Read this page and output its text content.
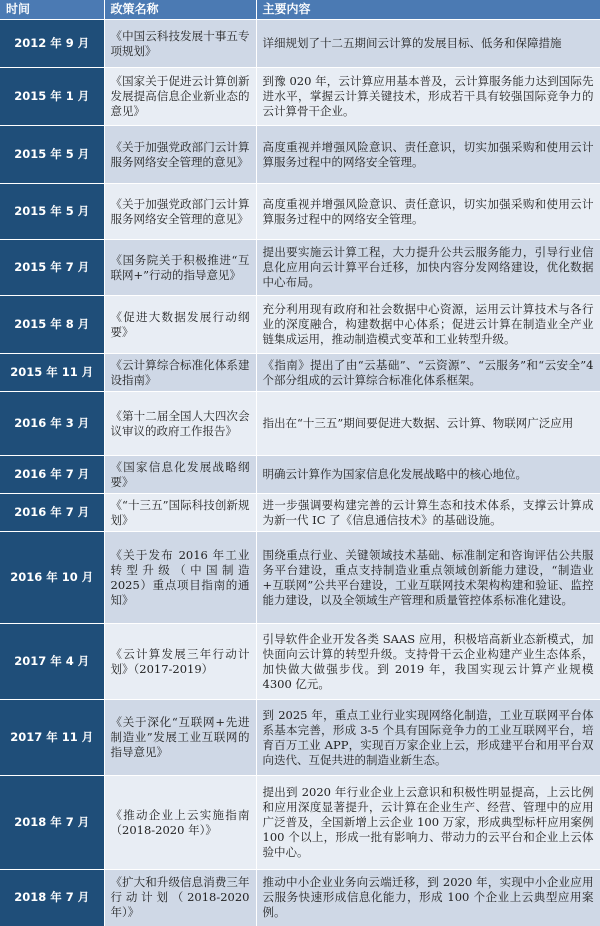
时间	政策名称	主要内容
2012 年 9 月	《中国云科技发展十事五专项规划》	详细规划了十二五期间云计算的发展目标、低务和保障措施
2015 年 1 月	《国家关于促进云计算创新发展提高信息企业新业态的意见》	到豫 020 年，云计算应用基本普及，云计算服务能力达到国际先进水平，掌握云计算关键技术，形成若干具有较强国际竞争力的云计算骨干企业。
2015 年 5 月	《关于加强党政部门云计算服务网络安全管理的意见》	高度重视并增强风险意识、责任意识，切实加强采购和使用云计算服务过程中的网络安全管理。
2015 年 5 月	《关于加强党政部门云计算服务网络安全管理的意见》	高度重视并增强风险意识、责任意识，切实加强采购和使用云计算服务过程中的网络安全管理。
2015 年 7 月	《国务院关于积极推进“互联网+”行动的指导意见》	提出要实施云计算工程，大力提升公共云服务能力，引导行业信息化应用向云计算平台迁移，加快内容分发网络建设，优化数据中心布局。
2015 年 8 月	《促进大数据发展行动纲要》	充分利用现有政府和社会数据中心资源，运用云计算技术与各行业的深度融合，构建数据中心体系；促进云计算在制造业全产业链集成运用，推动制造模式变革和工业转型升级。
2015 年 11 月	《云计算综合标准化体系建设指南》	《指南》提出了由“云基础”、“云资源”、“云服务”和“云安全”4 个部分组成的云计算综合标准化体系框架。
2016 年 3 月	《第十二届全国人大四次会议审议的政府工作报告》	指出在“十三五”期间要促进大数据、云计算、物联网广泛应用
2016 年 7 月	《国家信息化发展战略纲要》	明确云计算作为国家信息化发展战略中的核心地位。
2016 年 7 月	《“十三五”国际科技创新规划》	进一步强调要构建完善的云计算生态和技术体系，支撑云计算成为新一代 IC 了《信息通信技术》的基础设施。
2016 年 10 月	《关于发布 2016 年工业转型升级（中国制造 2025）重点项目指南的通知》	围绕重点行业、关键领域技术基础、标准制定和咨询评估公共服务平台建设，重点支持制造业重点领域创新能力建设，“制造业+互联网”公共平台建设，工业互联网技术架构构建和验证、监控能力建设，以及全领域生产管理和质量管控体系标准化建设。
2017 年 4 月	《云计算发展三年行动计划》（2017-2019）	引导软件企业开发各类 SAAS 应用，积极培高新业态新模式，加快面向云计算的转型升级。支持骨干云企业构建产业生态体系，加快做大做强步伐。到 2019 年，我国实现云计算产业规模 4300 亿元。
2017 年 11 月	《关于深化“互联网+先进制造业”发展工业互联网的指导意见》	到 2025 年，重点工业行业实现网络化制造，工业互联网平台体系基本完善，形成 3-5 个具有国际竞争力的工业互联网平台，培育百万工业 APP，实现百万家企业上云，形成建平台和用平台双向迭代、互促共进的制造业新生态。
2018 年 7 月	《推动企业上云实施指南（2018-2020 年）》	提出到 2020 年行业企业上云意识和积极性明显提高，上云比例和应用深度显著提升，云计算在企业生产、经营、管理中的应用广泛普及，全国新增上云企业 100 万家，形成典型标杆应用案例 100 个以上，形成一批有影响力、带动力的云平台和企业上云体验中心。
2018 年 7 月	《扩大和升级信息消费三年行动计划（2018-2020 年）》	推动中小企业业务向云端迁移，到 2020 年，实现中小企业应用云服务快速形成信息化能力，形成 100 个企业上云典型应用案例。
